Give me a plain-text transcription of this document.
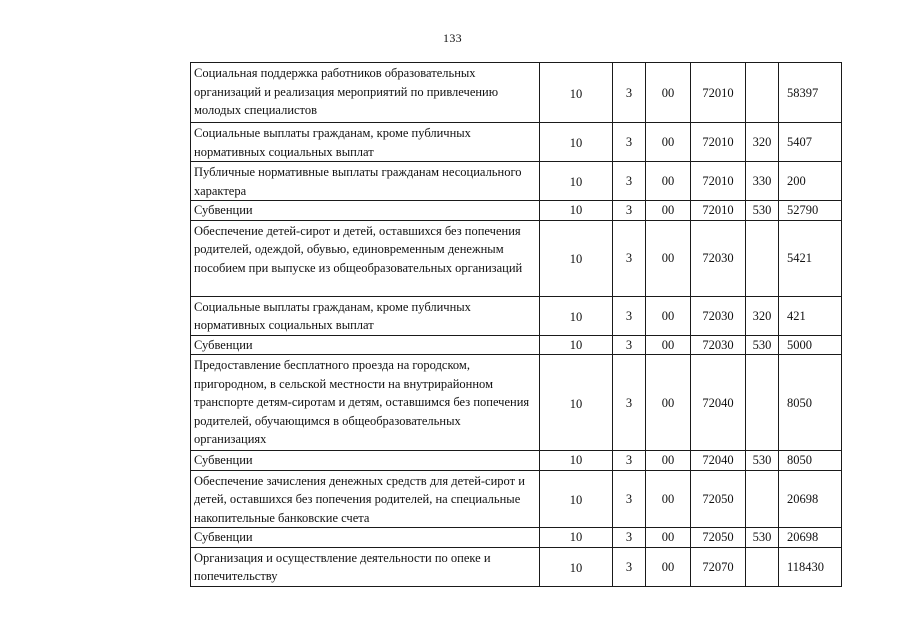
133
Социальная поддержка работников образовательных организаций и реализация мероприятий по привлечению молодых специалистов	10	3	00	72010		58397
Социальные выплаты гражданам, кроме публичных нормативных социальных выплат	10	3	00	72010	320	5407
Публичные нормативные выплаты гражданам несоциального характера	10	3	00	72010	330	200
Субвенции	10	3	00	72010	530	52790
Обеспечение детей-сирот и детей, оставшихся без попечения родителей, одеждой, обувью, единовременным денежным пособием при выпуске из общеобразовательных организаций	10	3	00	72030		5421
Социальные выплаты гражданам, кроме публичных нормативных социальных выплат	10	3	00	72030	320	421
Субвенции	10	3	00	72030	530	5000
Предоставление бесплатного проезда на городском, пригородном, в сельской местности на внутрирайонном транспорте детям-сиротам и детям, оставшимся без попечения родителей, обучающимся в общеобразовательных организациях	10	3	00	72040		8050
Субвенции	10	3	00	72040	530	8050
Обеспечение зачисления денежных средств для детей-сирот и детей, оставшихся без попечения родителей, на специальные накопительные банковские счета	10	3	00	72050		20698
Субвенции	10	3	00	72050	530	20698
Организация и осуществление деятельности по опеке и попечительству	10	3	00	72070		118430
